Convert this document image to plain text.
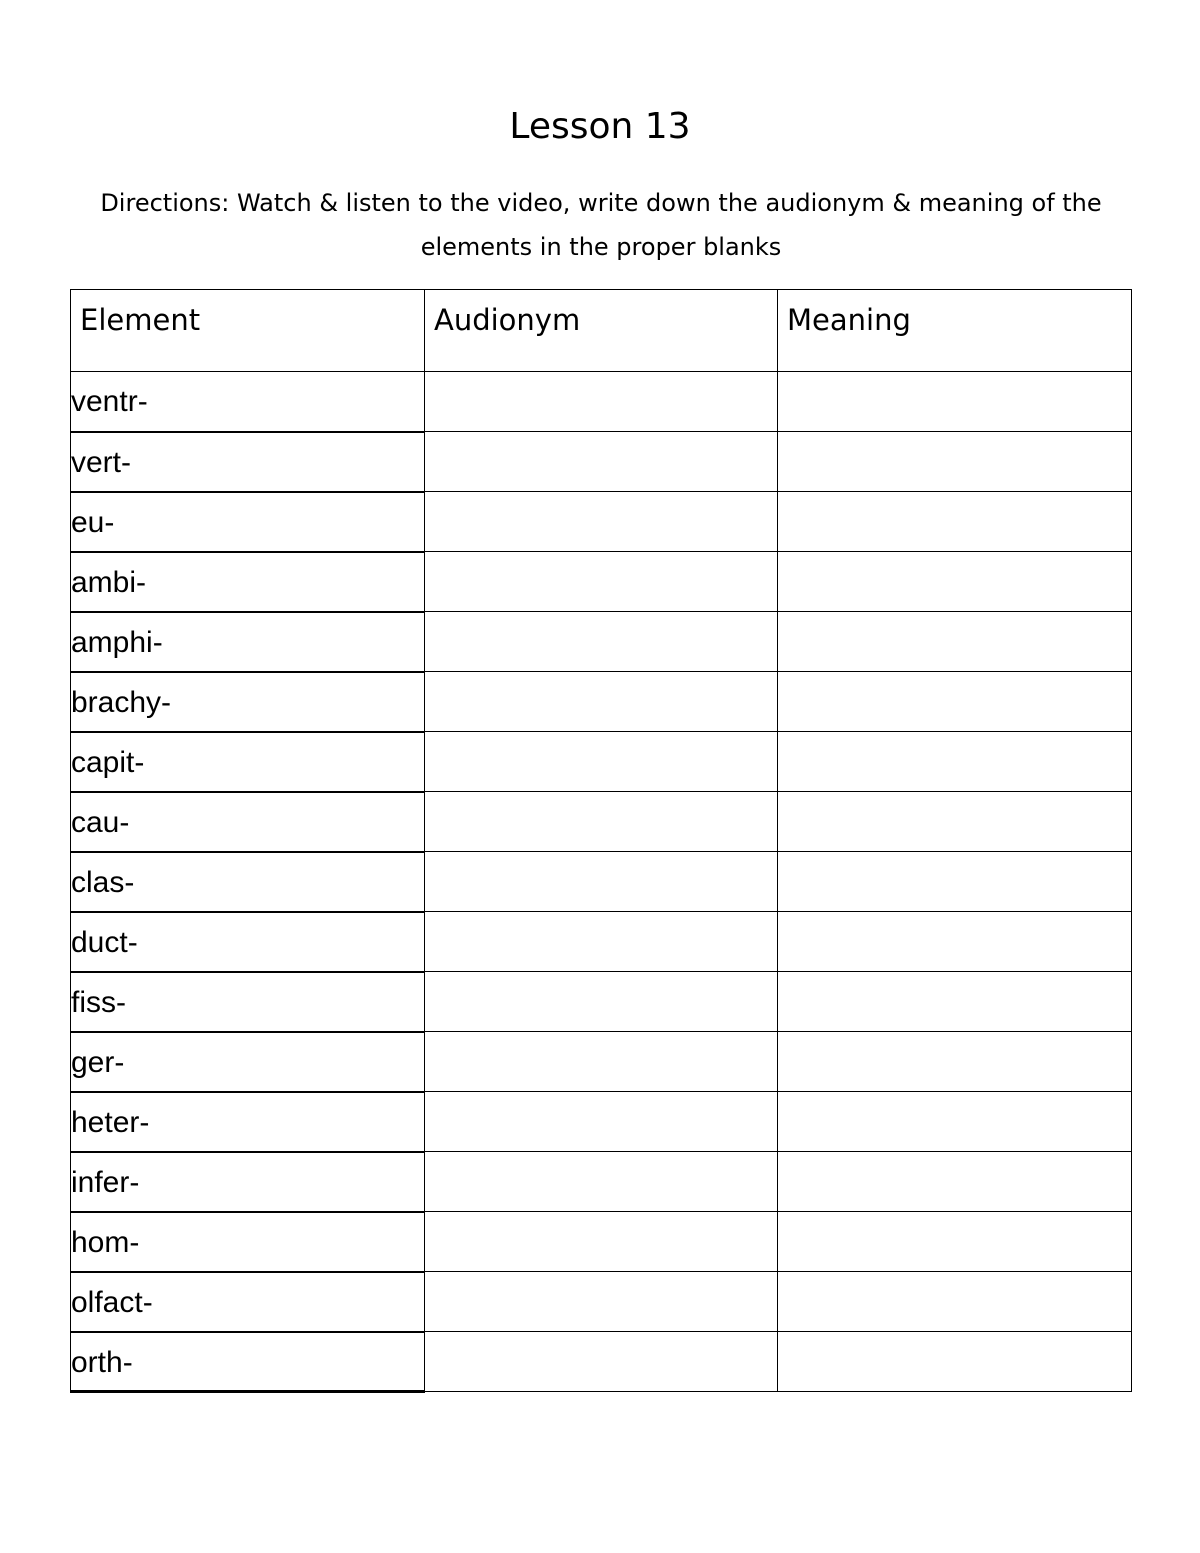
Lesson 13

Directions: Watch & listen to the video, write down the audionym & meaning of the elements in the proper blanks

Element	Audionym	Meaning
ventr-		
vert-		
eu-		
ambi-		
amphi-		
brachy-		
capit-		
cau-		
clas-		
duct-		
fiss-		
ger-		
heter-		
infer-		
hom-		
olfact-		
orth-		
